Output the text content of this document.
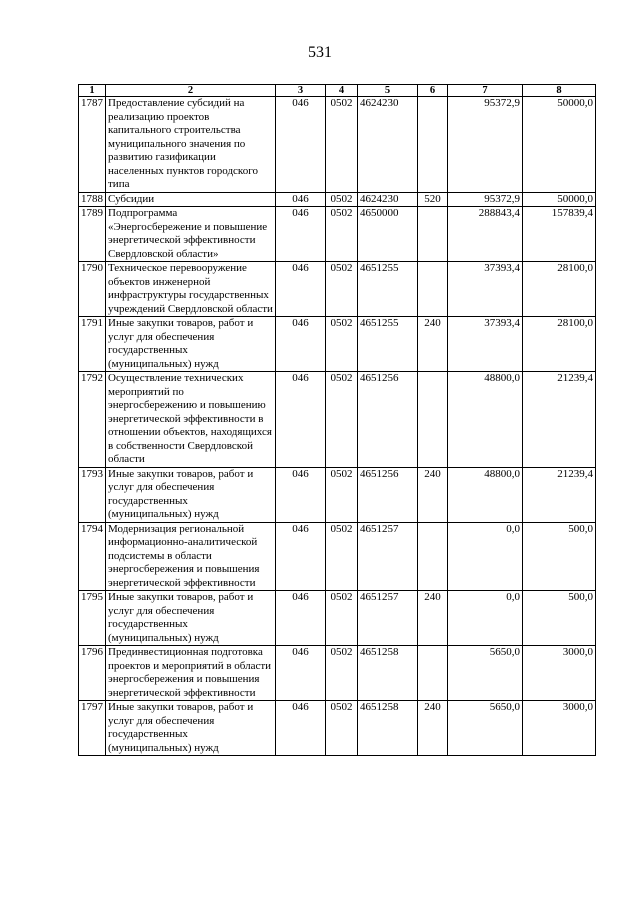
531
1	2	3	4	5	6	7	8
1787	Предоставление субсидий на реализацию проектов капитального строительства муниципального значения по развитию газификации населенных пунктов городского типа	046	0502	4624230		95372,9	50000,0
1788	Субсидии	046	0502	4624230	520	95372,9	50000,0
1789	Подпрограмма «Энергосбережение и повышение энергетической эффективности Свердловской области»	046	0502	4650000		288843,4	157839,4
1790	Техническое перевооружение объектов инженерной инфраструктуры государственных учреждений Свердловской области	046	0502	4651255		37393,4	28100,0
1791	Иные закупки товаров, работ и услуг для обеспечения государственных (муниципальных) нужд	046	0502	4651255	240	37393,4	28100,0
1792	Осуществление технических мероприятий по энергосбережению и повышению энергетической эффективности в отношении объектов, находящихся в собственности Свердловской области	046	0502	4651256		48800,0	21239,4
1793	Иные закупки товаров, работ и услуг для обеспечения государственных (муниципальных) нужд	046	0502	4651256	240	48800,0	21239,4
1794	Модернизация региональной информационно-аналитической подсистемы в области энергосбережения и повышения энергетической эффективности	046	0502	4651257		0,0	500,0
1795	Иные закупки товаров, работ и услуг для обеспечения государственных (муниципальных) нужд	046	0502	4651257	240	0,0	500,0
1796	Прединвестиционная подготовка проектов и мероприятий в области энергосбережения и повышения энергетической эффективности	046	0502	4651258		5650,0	3000,0
1797	Иные закупки товаров, работ и услуг для обеспечения государственных (муниципальных) нужд	046	0502	4651258	240	5650,0	3000,0
